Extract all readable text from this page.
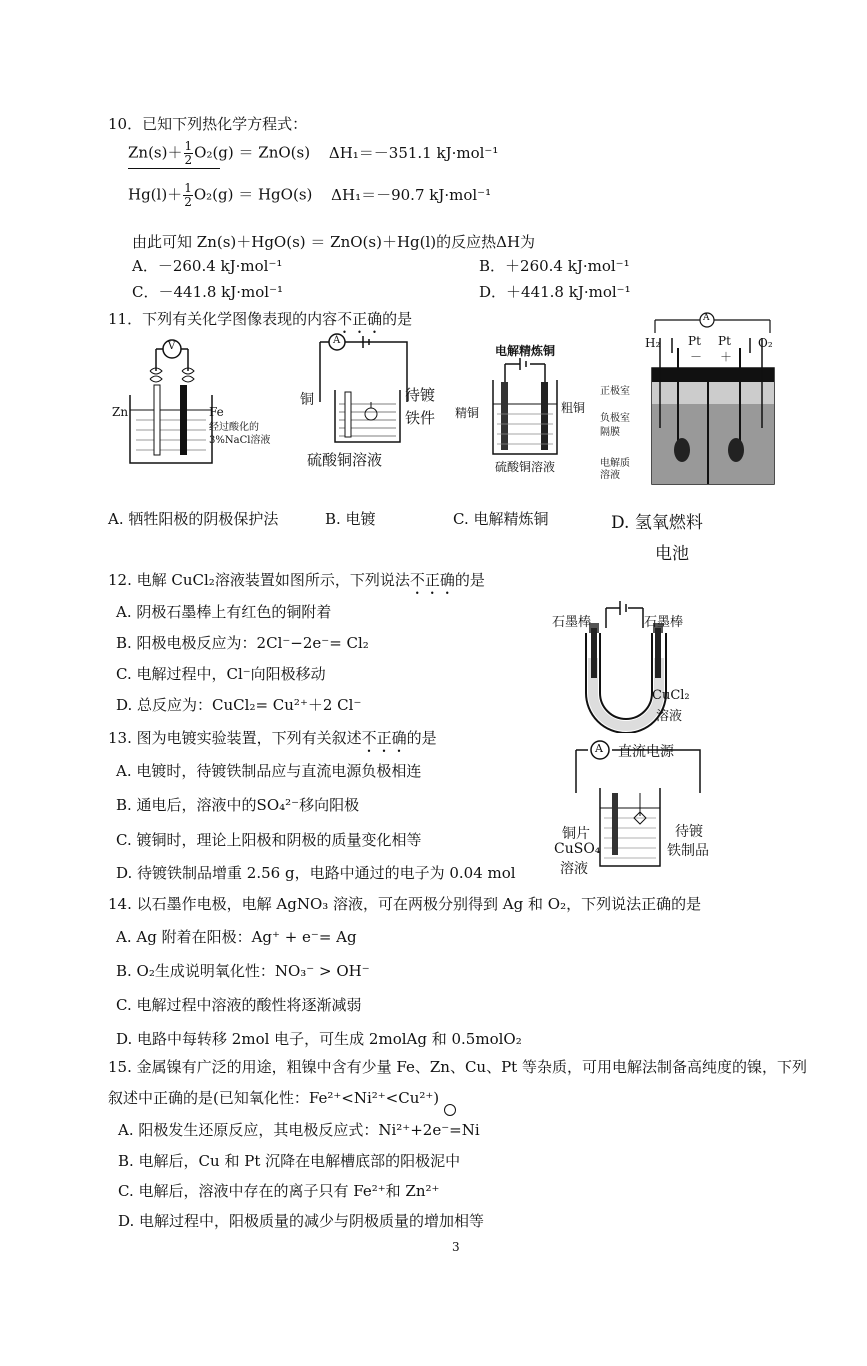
10．已知下列热化学方程式：
$Zn(s)+ \frac{1}{2} O_2(g) = ZnO(s)$ ΔH₁＝－351.1 kJ·mol⁻¹
$Hg(l)+ \frac{1}{2} O_2(g) = HgO(s)$ ΔH₁＝－90.7 kJ·mol⁻¹
由此可知 Zn(s)＋HgO(s) ＝ ZnO(s)＋Hg(l)的反应热ΔH为
A．－260.4 kJ·mol⁻¹	B．＋260.4 kJ·mol⁻¹
C．－441.8 kJ·mol⁻¹	D．＋441.8 kJ·mol⁻¹
11．下列有关化学图像表现的内容不正确的是
V
Zn	Fe
经过酸化的
3%NaCl溶液
A. 牺牲阳极的阴极保护法
A
铜	待镀
铁件
硫酸铜溶液
B. 电镀
电解精炼铜
精铜	粗铜
硫酸铜溶液
C. 电解精炼铜
A
H₂ Pt Pt O₂
－ ＋
正极室
负极室
隔膜
电解质
溶液
D. 氢氧燃料
电池
12. 电解 CuCl₂溶液装置如图所示，下列说法不正确的是
A. 阴极石墨棒上有红色的铜附着
B. 阳极电极反应为：2Cl⁻−2e⁻= Cl₂
C. 电解过程中，Cl⁻向阳极移动
D. 总反应为：CuCl₂= Cu²⁺＋2 Cl⁻
石墨棒	石墨棒
CuCl₂
溶液
13. 图为电镀实验装置，下列有关叙述不正确的是
A. 电镀时，待镀铁制品应与直流电源负极相连
B. 通电后，溶液中的SO₄²⁻移向阳极
C. 镀铜时，理论上阳极和阴极的质量变化相等
D. 待镀铁制品增重 2.56 g，电路中通过的电子为 0.04 mol
A 直流电源
铜片
CuSO₄
溶液
待镀
铁制品
14. 以石墨作电极，电解 AgNO₃ 溶液，可在两极分别得到 Ag 和 O₂，下列说法正确的是
A. Ag 附着在阳极：Ag⁺ + e⁻= Ag
B. O₂生成说明氧化性：NO₃⁻ > OH⁻
C. 电解过程中溶液的酸性将逐渐减弱
D. 电路中每转移 2mol 电子，可生成 2molAg 和 0.5molO₂
15. 金属镍有广泛的用途，粗镍中含有少量 Fe、Zn、Cu、Pt 等杂质，可用电解法制备高纯度的镍，下列
叙述中正确的是(已知氧化性：Fe²⁺<Ni²⁺<Cu²⁺)
A. 阳极发生还原反应，其电极反应式：Ni²⁺+2e⁻=Ni
B. 电解后，Cu 和 Pt 沉降在电解槽底部的阳极泥中
C. 电解后，溶液中存在的离子只有 Fe²⁺和 Zn²⁺
D. 电解过程中，阳极质量的减少与阴极质量的增加相等
3
